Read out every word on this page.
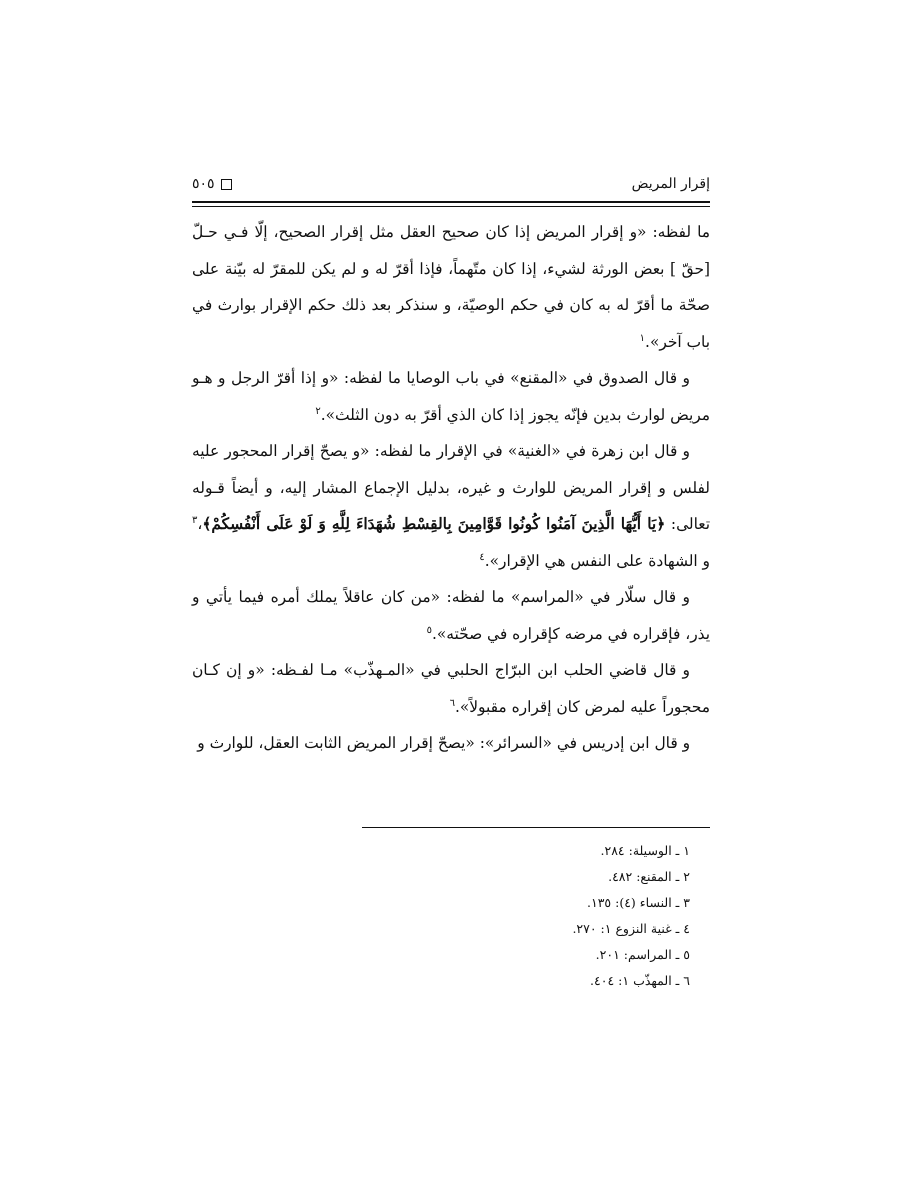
إقرار المريض
٥٠٥

ما لفظه: «و إقرار المريض إذا كان صحيح العقل مثل إقرار الصحيح، إلّا فـي حـلّ [حقّ ] بعض الورثة لشيء، إذا كان متّهماً، فإذا أقرّ له و لم يكن للمقرّ له بيّنة على صحّة ما أقرّ له به كان في حكم الوصيّة، و سنذكر بعد ذلك حكم الإقرار بوارث في باب آخر».$^١$

و قال الصدوق في «المقنع» في باب الوصايا ما لفظه: «و إذا أقرّ الرجل و هـو مريض لوارث بدين فإنّه يجوز إذا كان الذي أقرّ به دون الثلث».$^٢$

و قال ابن زهرة في «الغنية» في الإقرار ما لفظه: «و يصحّ إقرار المحجور عليه لفلس و إقرار المريض للوارث و غيره، بدليل الإجماع المشار إليه، و أيضاً قـوله تعالى: ﴿يَا أَيُّهَا الَّذِينَ آمَنُوا كُونُوا قَوَّامِينَ بِالقِسْطِ شُهَدَاءَ لِلَّهِ وَ لَوْ عَلَى أَنْفُسِكُمْ﴾،$^٣$ و الشهادة على النفس هي الإقرار».$^٤$

و قال سلّار في «المراسم» ما لفظه: «من كان عاقلاً يملك أمره فيما يأتي و يذر، فإقراره في مرضه كإقراره في صحّته».$^٥$

و قال قاضي الحلب ابن البرّاج الحلبي في «المـهذّب» مـا لفـظه: «و إن كـان محجوراً عليه لمرض كان إقراره مقبولاً».$^٦$

و قال ابن إدريس في «السرائر»: «يصحّ إقرار المريض الثابت العقل، للوارث و

١ ـ الوسيلة: ٢٨٤.
٢ ـ المقنع: ٤٨٢.
٣ ـ النساء (٤): ١٣٥.
٤ ـ غنية النزوع ١: ٢٧٠.
٥ ـ المراسم: ٢٠١.
٦ ـ المهذّب ١: ٤٠٤.
